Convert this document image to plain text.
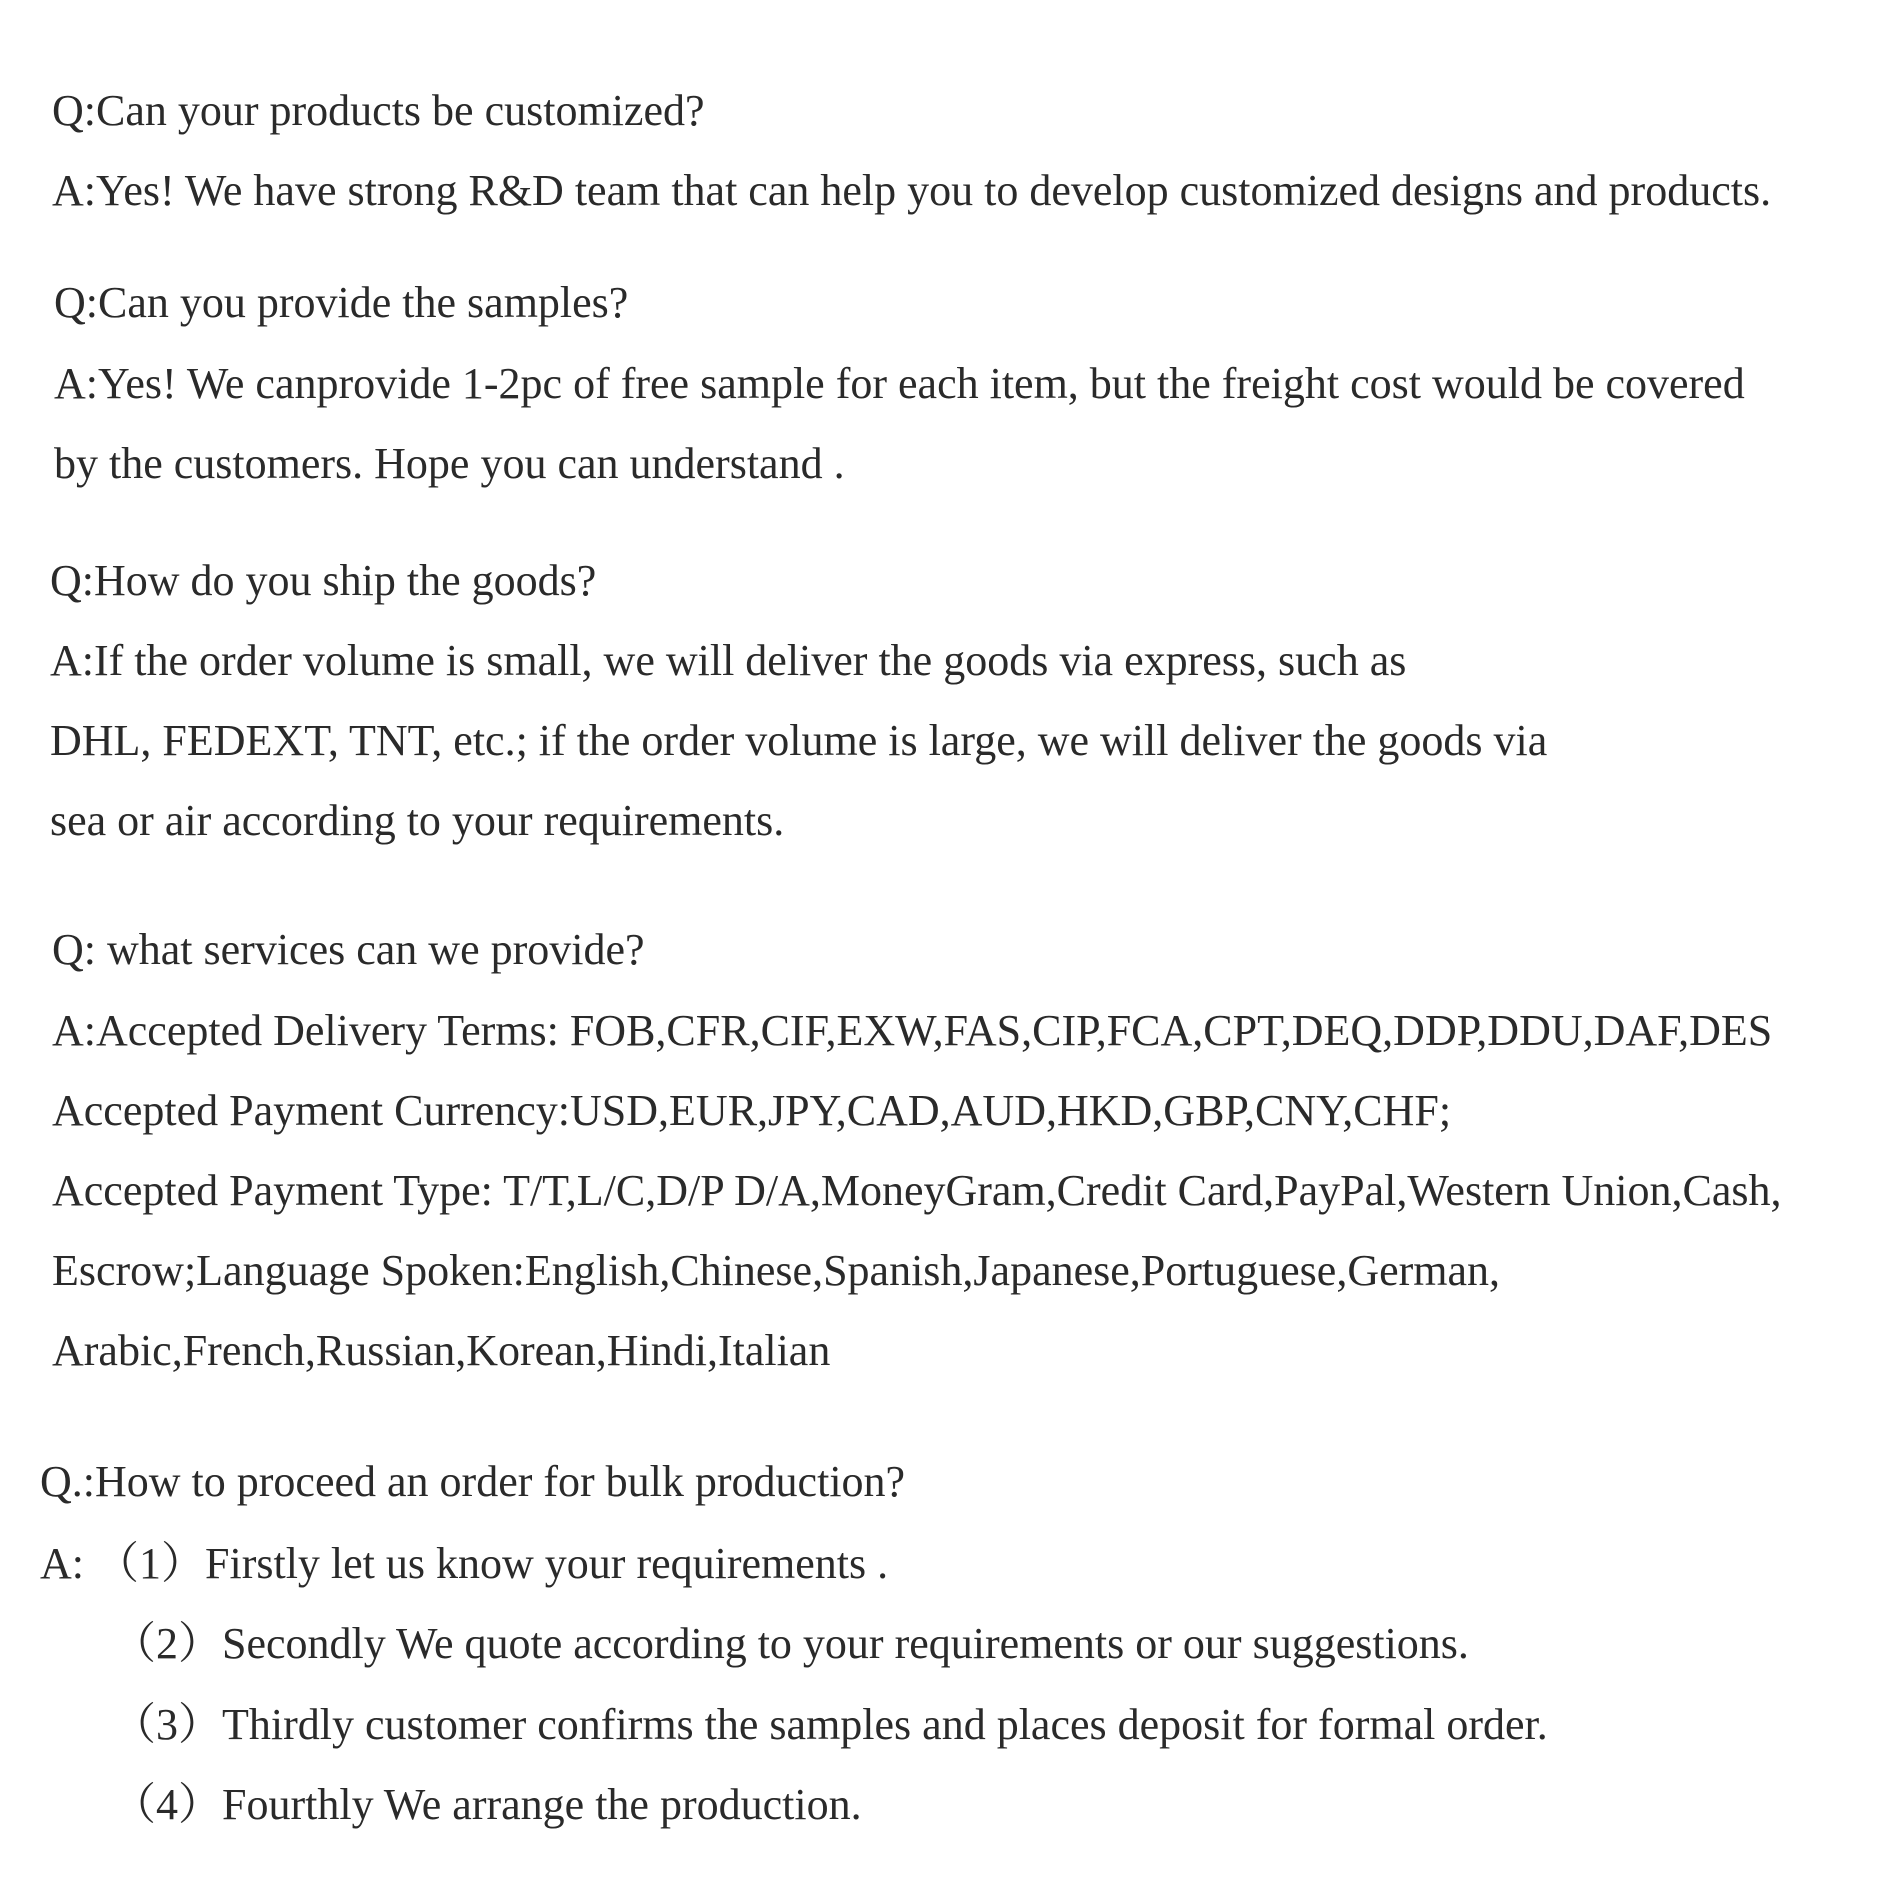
Q:Can your products be customized?

A:Yes! We have strong R&D team that can help you to develop customized designs and products.

Q:Can you provide the samples?

A:Yes! We canprovide 1-2pc of free sample for each item, but the freight cost would be covered

by the customers. Hope you can understand .

Q:How do you ship the goods?

A:If the order volume is small, we will deliver the goods via express, such as

DHL, FEDEXT, TNT, etc.; if the order volume is large, we will deliver the goods via

sea or air according to your requirements.

Q: what services can we provide?

A:Accepted Delivery Terms: FOB,CFR,CIF,EXW,FAS,CIP,FCA,CPT,DEQ,DDP,DDU,DAF,DES

Accepted Payment Currency:USD,EUR,JPY,CAD,AUD,HKD,GBP,CNY,CHF;

Accepted Payment Type: T/T,L/C,D/P D/A,MoneyGram,Credit Card,PayPal,Western Union,Cash,

Escrow;Language Spoken:English,Chinese,Spanish,Japanese,Portuguese,German,

Arabic,French,Russian,Korean,Hindi,Italian

Q.:How to proceed an order for bulk production?

A: （1）Firstly let us know your requirements .

（2）Secondly We quote according to your requirements or our suggestions.

（3）Thirdly customer confirms the samples and places deposit for formal order.

（4）Fourthly We arrange the production.
